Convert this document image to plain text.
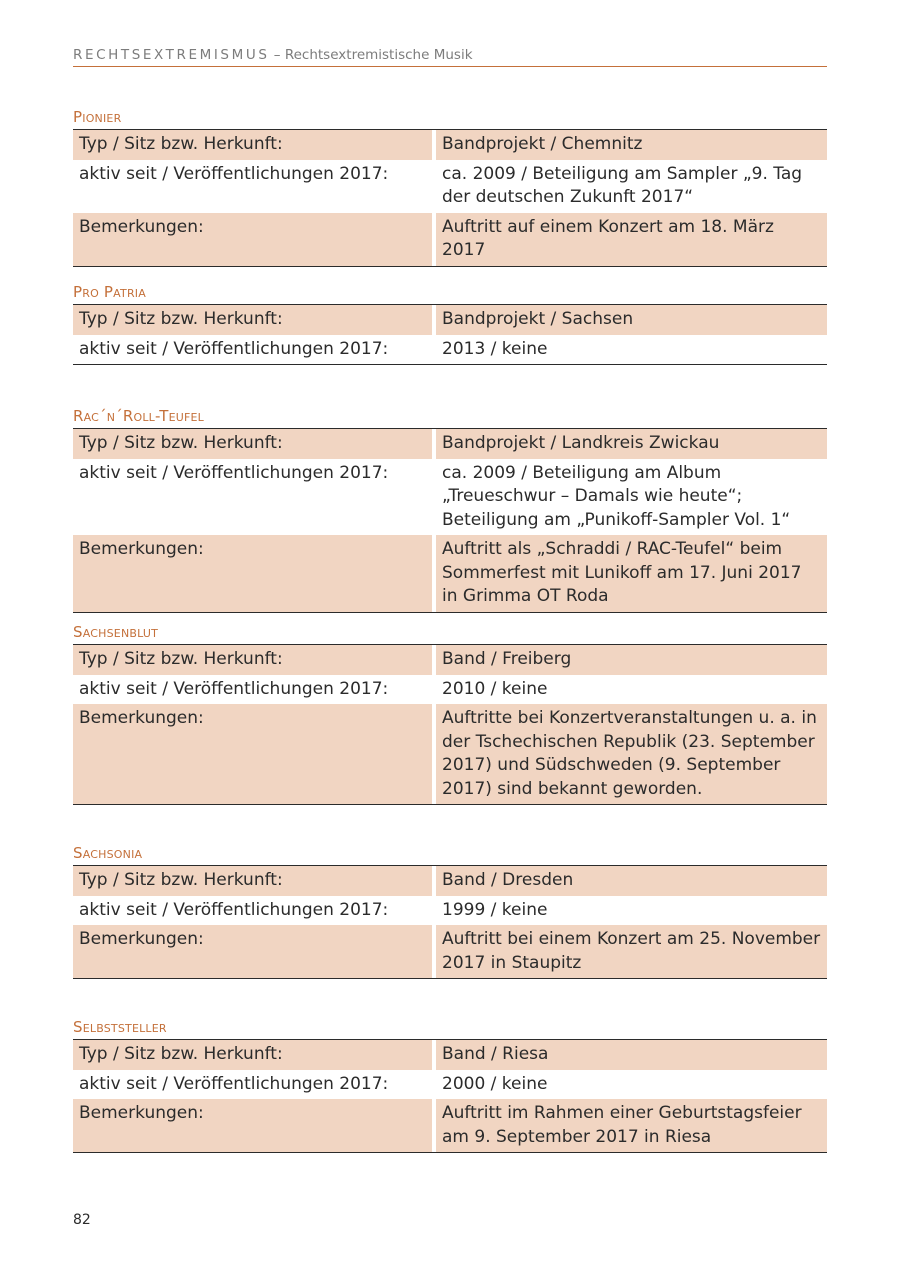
RECHTSEXTREMISMUS – Rechtsextremistische Musik
Pionier
Typ / Sitz bzw. Herkunft:	Bandprojekt / Chemnitz
aktiv seit / Veröffentlichungen 2017:	ca. 2009 / Beteiligung am Sampler „9. Tag der deutschen Zukunft 2017“
Bemerkungen:	Auftritt auf einem Konzert am 18. März 2017
Pro Patria
Typ / Sitz bzw. Herkunft:	Bandprojekt / Sachsen
aktiv seit / Veröffentlichungen 2017:	2013 / keine
Rac´n´Roll-Teufel
Typ / Sitz bzw. Herkunft:	Bandprojekt / Landkreis Zwickau
aktiv seit / Veröffentlichungen 2017:	ca. 2009 / Beteiligung am Album „Treueschwur – Damals wie heute“; Beteiligung am „Punikoff-Sampler Vol. 1“
Bemerkungen:	Auftritt als „Schraddi / RAC-Teufel“ beim Sommerfest mit Lunikoff am 17. Juni 2017 in Grimma OT Roda
Sachsenblut
Typ / Sitz bzw. Herkunft:	Band / Freiberg
aktiv seit / Veröffentlichungen 2017:	2010 / keine
Bemerkungen:	Auftritte bei Konzertveranstaltungen u. a. in der Tschechischen Republik (23. September 2017) und Südschweden (9. September 2017) sind bekannt geworden.
Sachsonia
Typ / Sitz bzw. Herkunft:	Band / Dresden
aktiv seit / Veröffentlichungen 2017:	1999 / keine
Bemerkungen:	Auftritt bei einem Konzert am 25. November 2017 in Staupitz
Selbststeller
Typ / Sitz bzw. Herkunft:	Band / Riesa
aktiv seit / Veröffentlichungen 2017:	2000 / keine
Bemerkungen:	Auftritt im Rahmen einer Geburtstagsfeier am 9. September 2017 in Riesa
82
